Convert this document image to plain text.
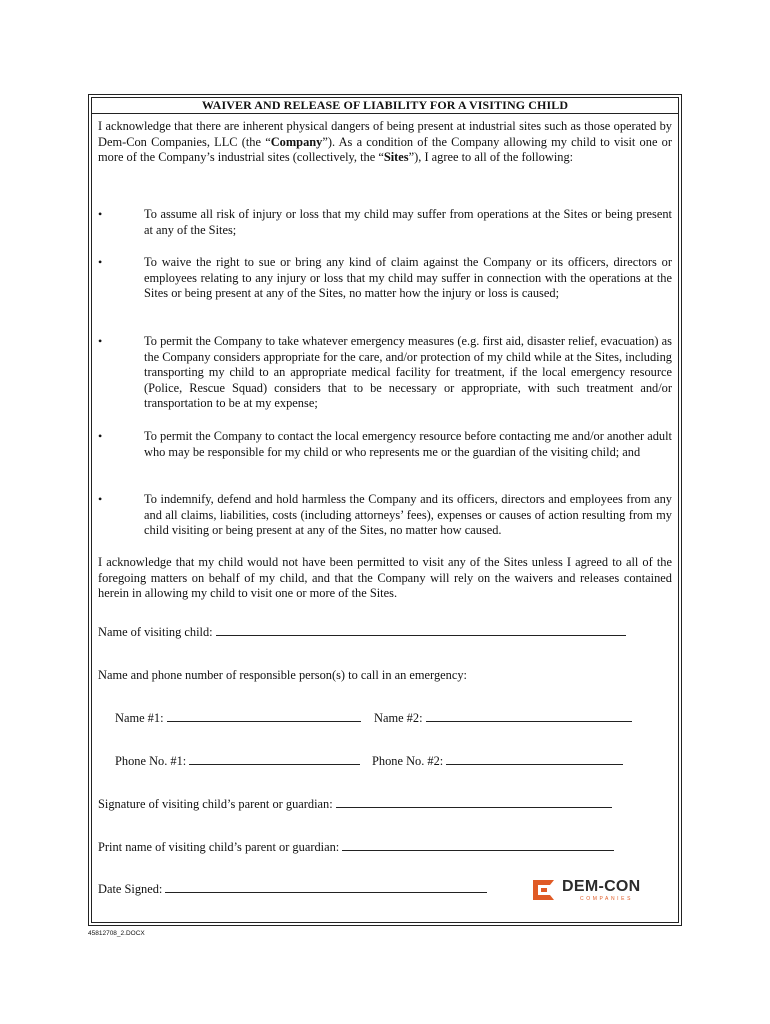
WAIVER AND RELEASE OF LIABILITY FOR A VISITING CHILD
I acknowledge that there are inherent physical dangers of being present at industrial sites such as those operated by Dem-Con Companies, LLC (the “Company”). As a condition of the Company allowing my child to visit one or more of the Company’s industrial sites (collectively, the “Sites”), I agree to all of the following:
•	To assume all risk of injury or loss that my child may suffer from operations at the Sites or being present at any of the Sites;
•	To waive the right to sue or bring any kind of claim against the Company or its officers, directors or employees relating to any injury or loss that my child may suffer in connection with the operations at the Sites or being present at any of the Sites, no matter how the injury or loss is caused;
•	To permit the Company to take whatever emergency measures (e.g. first aid, disaster relief, evacuation) as the Company considers appropriate for the care, and/or protection of my child while at the Sites, including transporting my child to an appropriate medical facility for treatment, if the local emergency resource (Police, Rescue Squad) considers that to be necessary or appropriate, with such treatment and/or transportation to be at my expense;
•	To permit the Company to contact the local emergency resource before contacting me and/or another adult who may be responsible for my child or who represents me or the guardian of the visiting child; and
•	To indemnify, defend and hold harmless the Company and its officers, directors and employees from any and all claims, liabilities, costs (including attorneys’ fees), expenses or causes of action resulting from my child visiting or being present at any of the Sites, no matter how caused.
I acknowledge that my child would not have been permitted to visit any of the Sites unless I agreed to all of the foregoing matters on behalf of my child, and that the Company will rely on the waivers and releases contained herein in allowing my child to visit one or more of the Sites.
Name of visiting child:
Name and phone number of responsible person(s) to call in an emergency:
Name #1:	Name #2:
Phone No. #1:	Phone No. #2:
Signature of visiting child’s parent or guardian:
Print name of visiting child’s parent or guardian:
Date Signed:	DEM-CON
COMPANIES
45812708_2.DOCX
